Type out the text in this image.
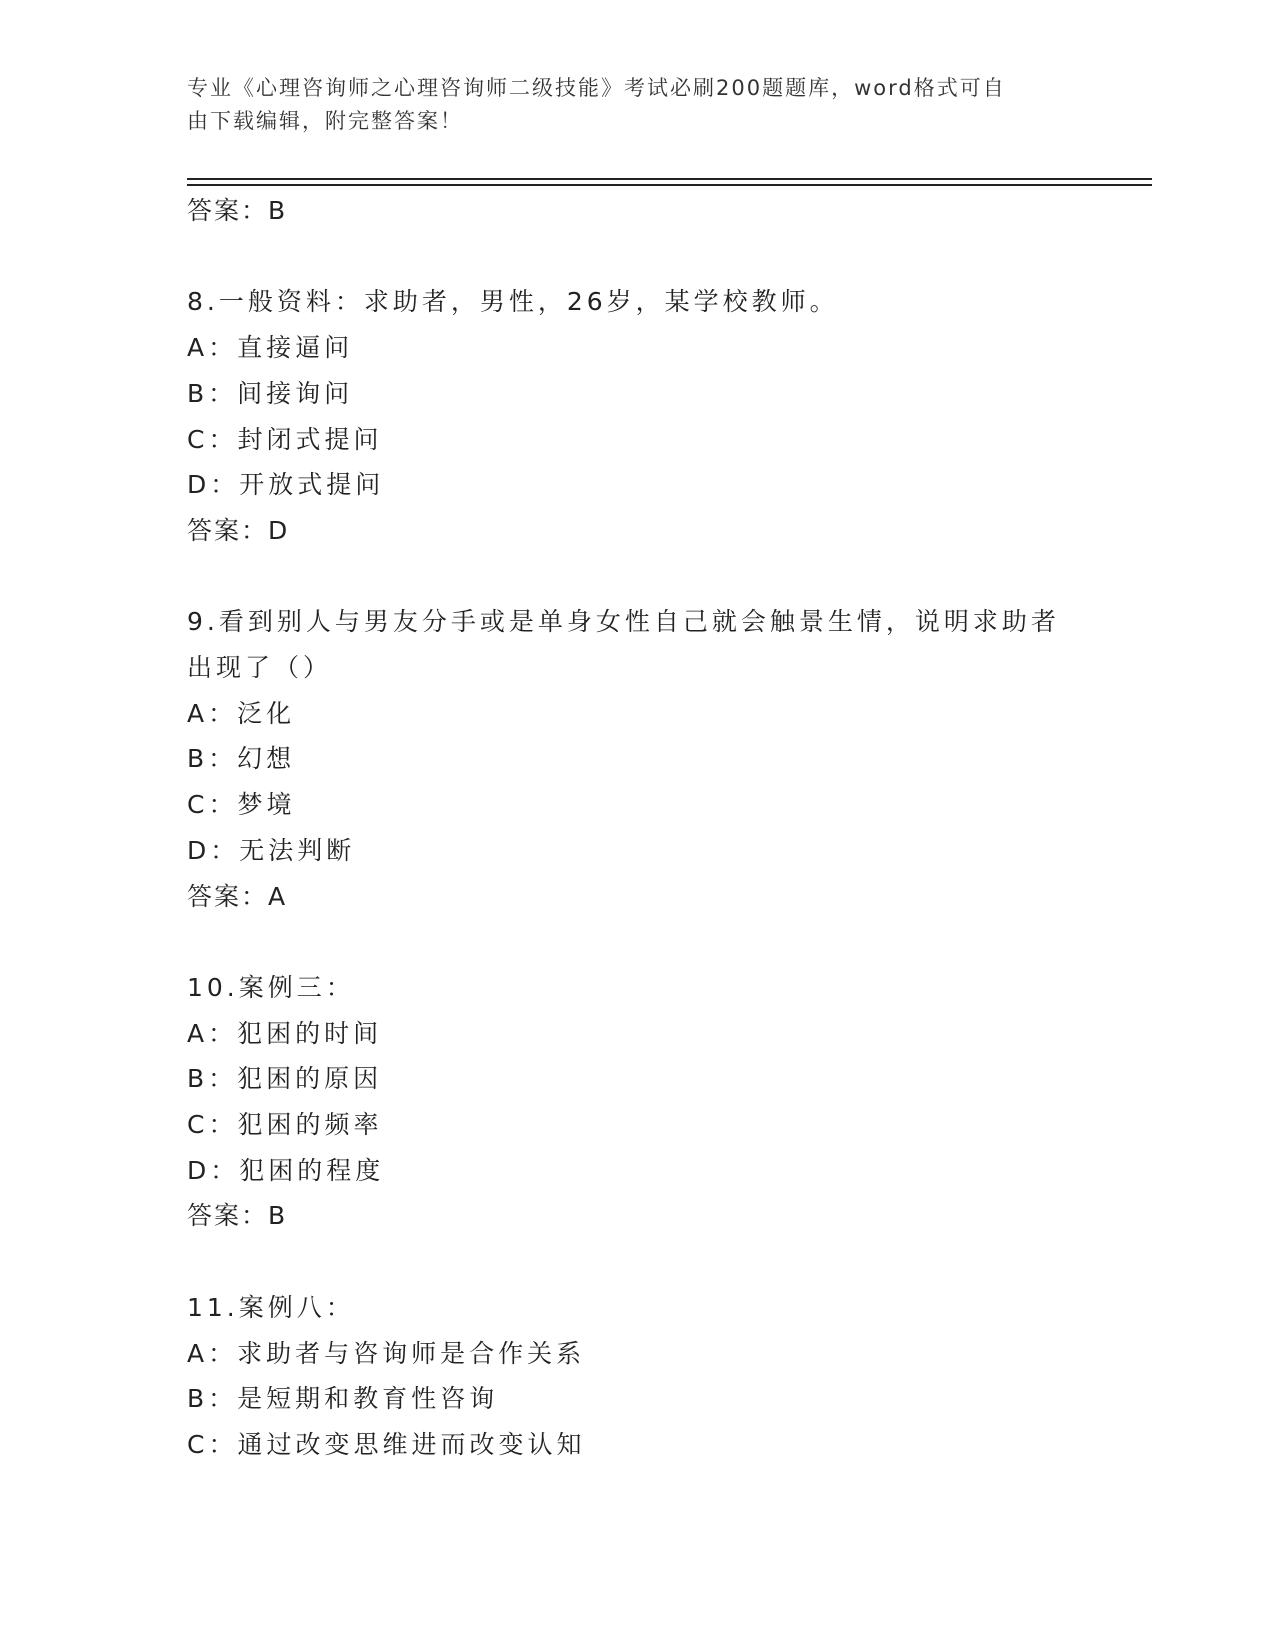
专业《心理咨询师之心理咨询师二级技能》考试必刷200题题库，word格式可自
由下载编辑，附完整答案！
答案：B
8.一般资料：求助者，男性，26岁，某学校教师。
A：直接逼问
B：间接询问
C：封闭式提问
D：开放式提问
答案：D
9.看到别人与男友分手或是单身女性自己就会触景生情，说明求助者
出现了（）
A：泛化
B：幻想
C：梦境
D：无法判断
答案：A
10.案例三：
A：犯困的时间
B：犯困的原因
C：犯困的频率
D：犯困的程度
答案：B
11.案例八：
A：求助者与咨询师是合作关系
B：是短期和教育性咨询
C：通过改变思维进而改变认知
